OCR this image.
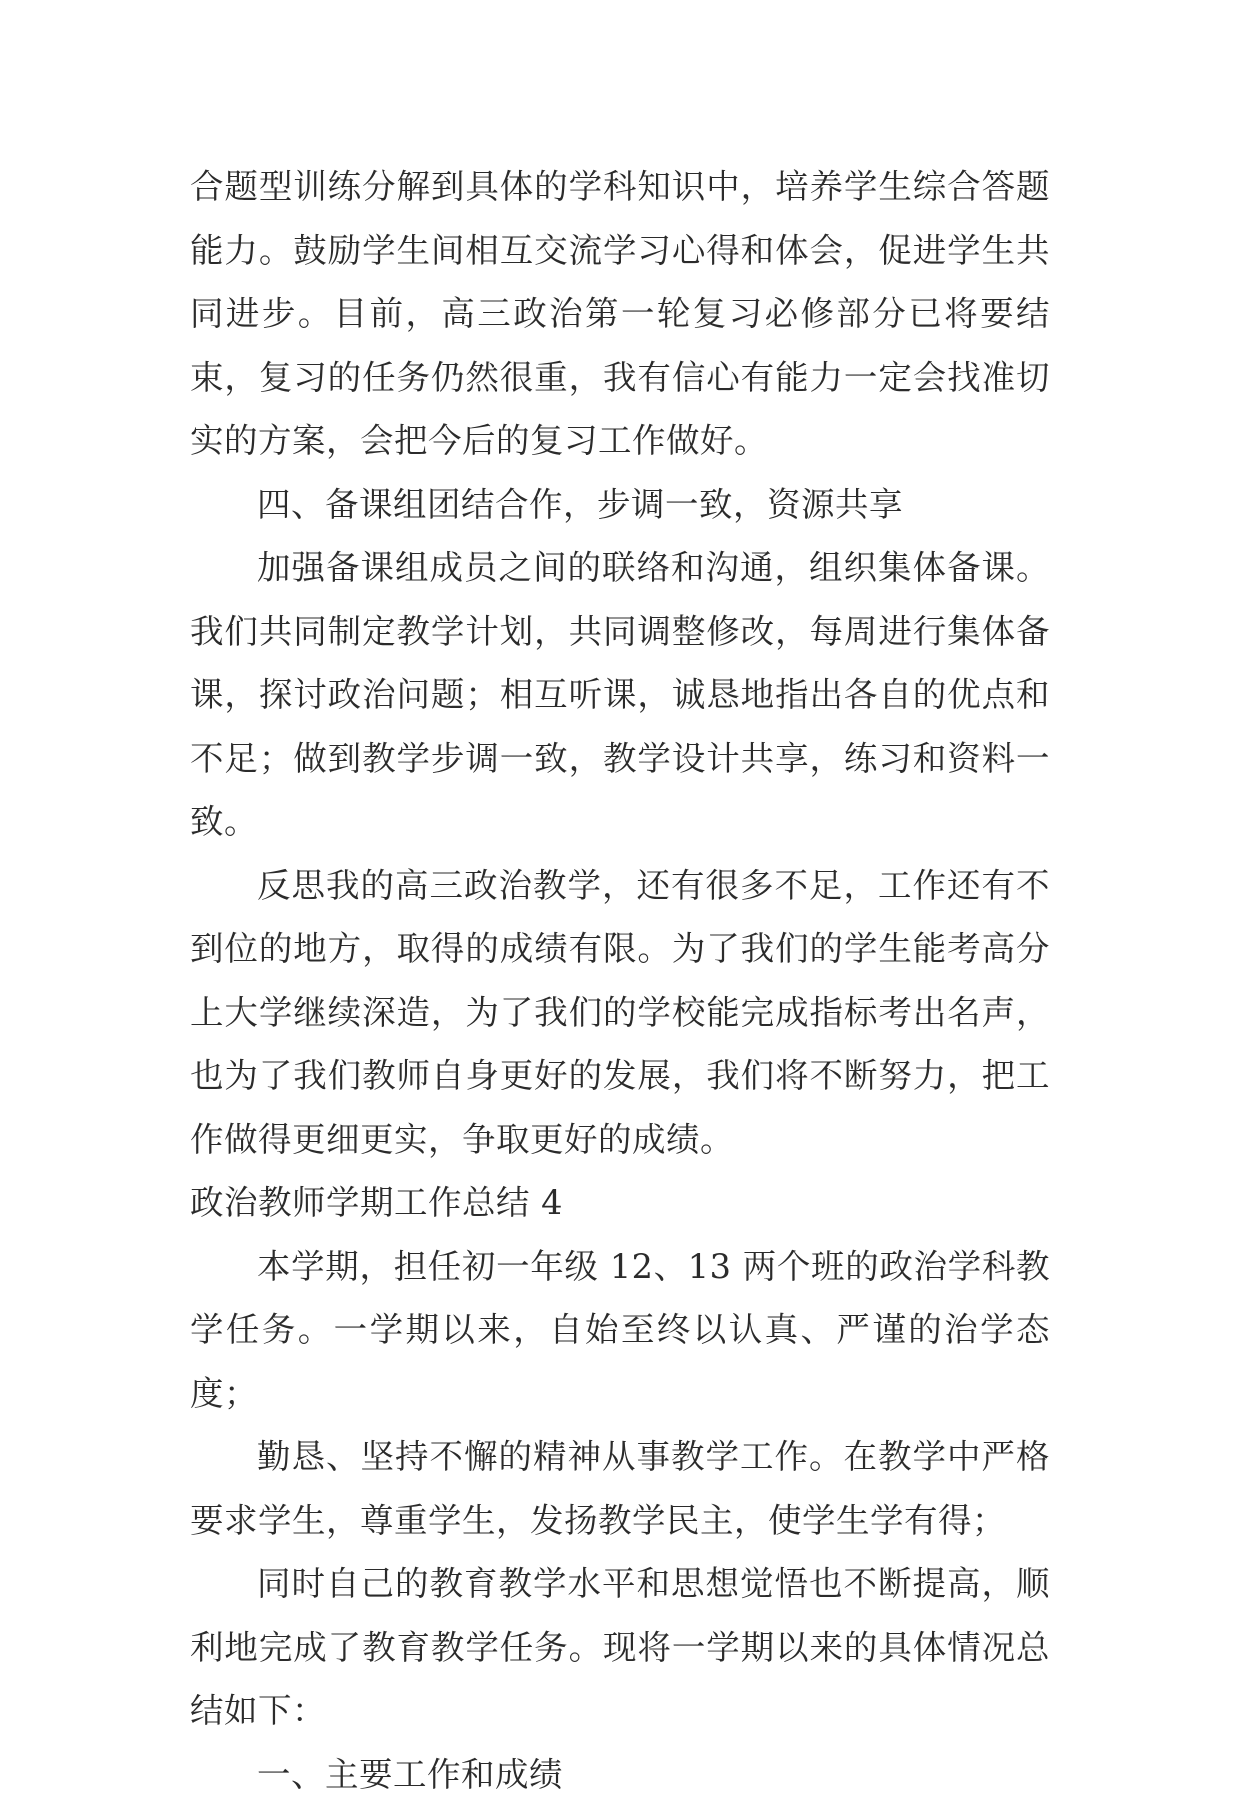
合题型训练分解到具体的学科知识中，培养学生综合答题能力。鼓励学生间相互交流学习心得和体会，促进学生共同进步。目前，高三政治第一轮复习必修部分已将要结束，复习的任务仍然很重，我有信心有能力一定会找准切实的方案，会把今后的复习工作做好。

四、备课组团结合作，步调一致，资源共享

加强备课组成员之间的联络和沟通，组织集体备课。我们共同制定教学计划，共同调整修改，每周进行集体备课，探讨政治问题；相互听课，诚恳地指出各自的优点和不足；做到教学步调一致，教学设计共享，练习和资料一致。

反思我的高三政治教学，还有很多不足，工作还有不到位的地方，取得的成绩有限。为了我们的学生能考高分上大学继续深造，为了我们的学校能完成指标考出名声，也为了我们教师自身更好的发展，我们将不断努力，把工作做得更细更实，争取更好的成绩。

政治教师学期工作总结 4

本学期，担任初一年级 12、13 两个班的政治学科教学任务。一学期以来，自始至终以认真、严谨的治学态度；

勤恳、坚持不懈的精神从事教学工作。在教学中严格要求学生，尊重学生，发扬教学民主，使学生学有得；

同时自己的教育教学水平和思想觉悟也不断提高，顺利地完成了教育教学任务。现将一学期以来的具体情况总结如下：

一、主要工作和成绩
